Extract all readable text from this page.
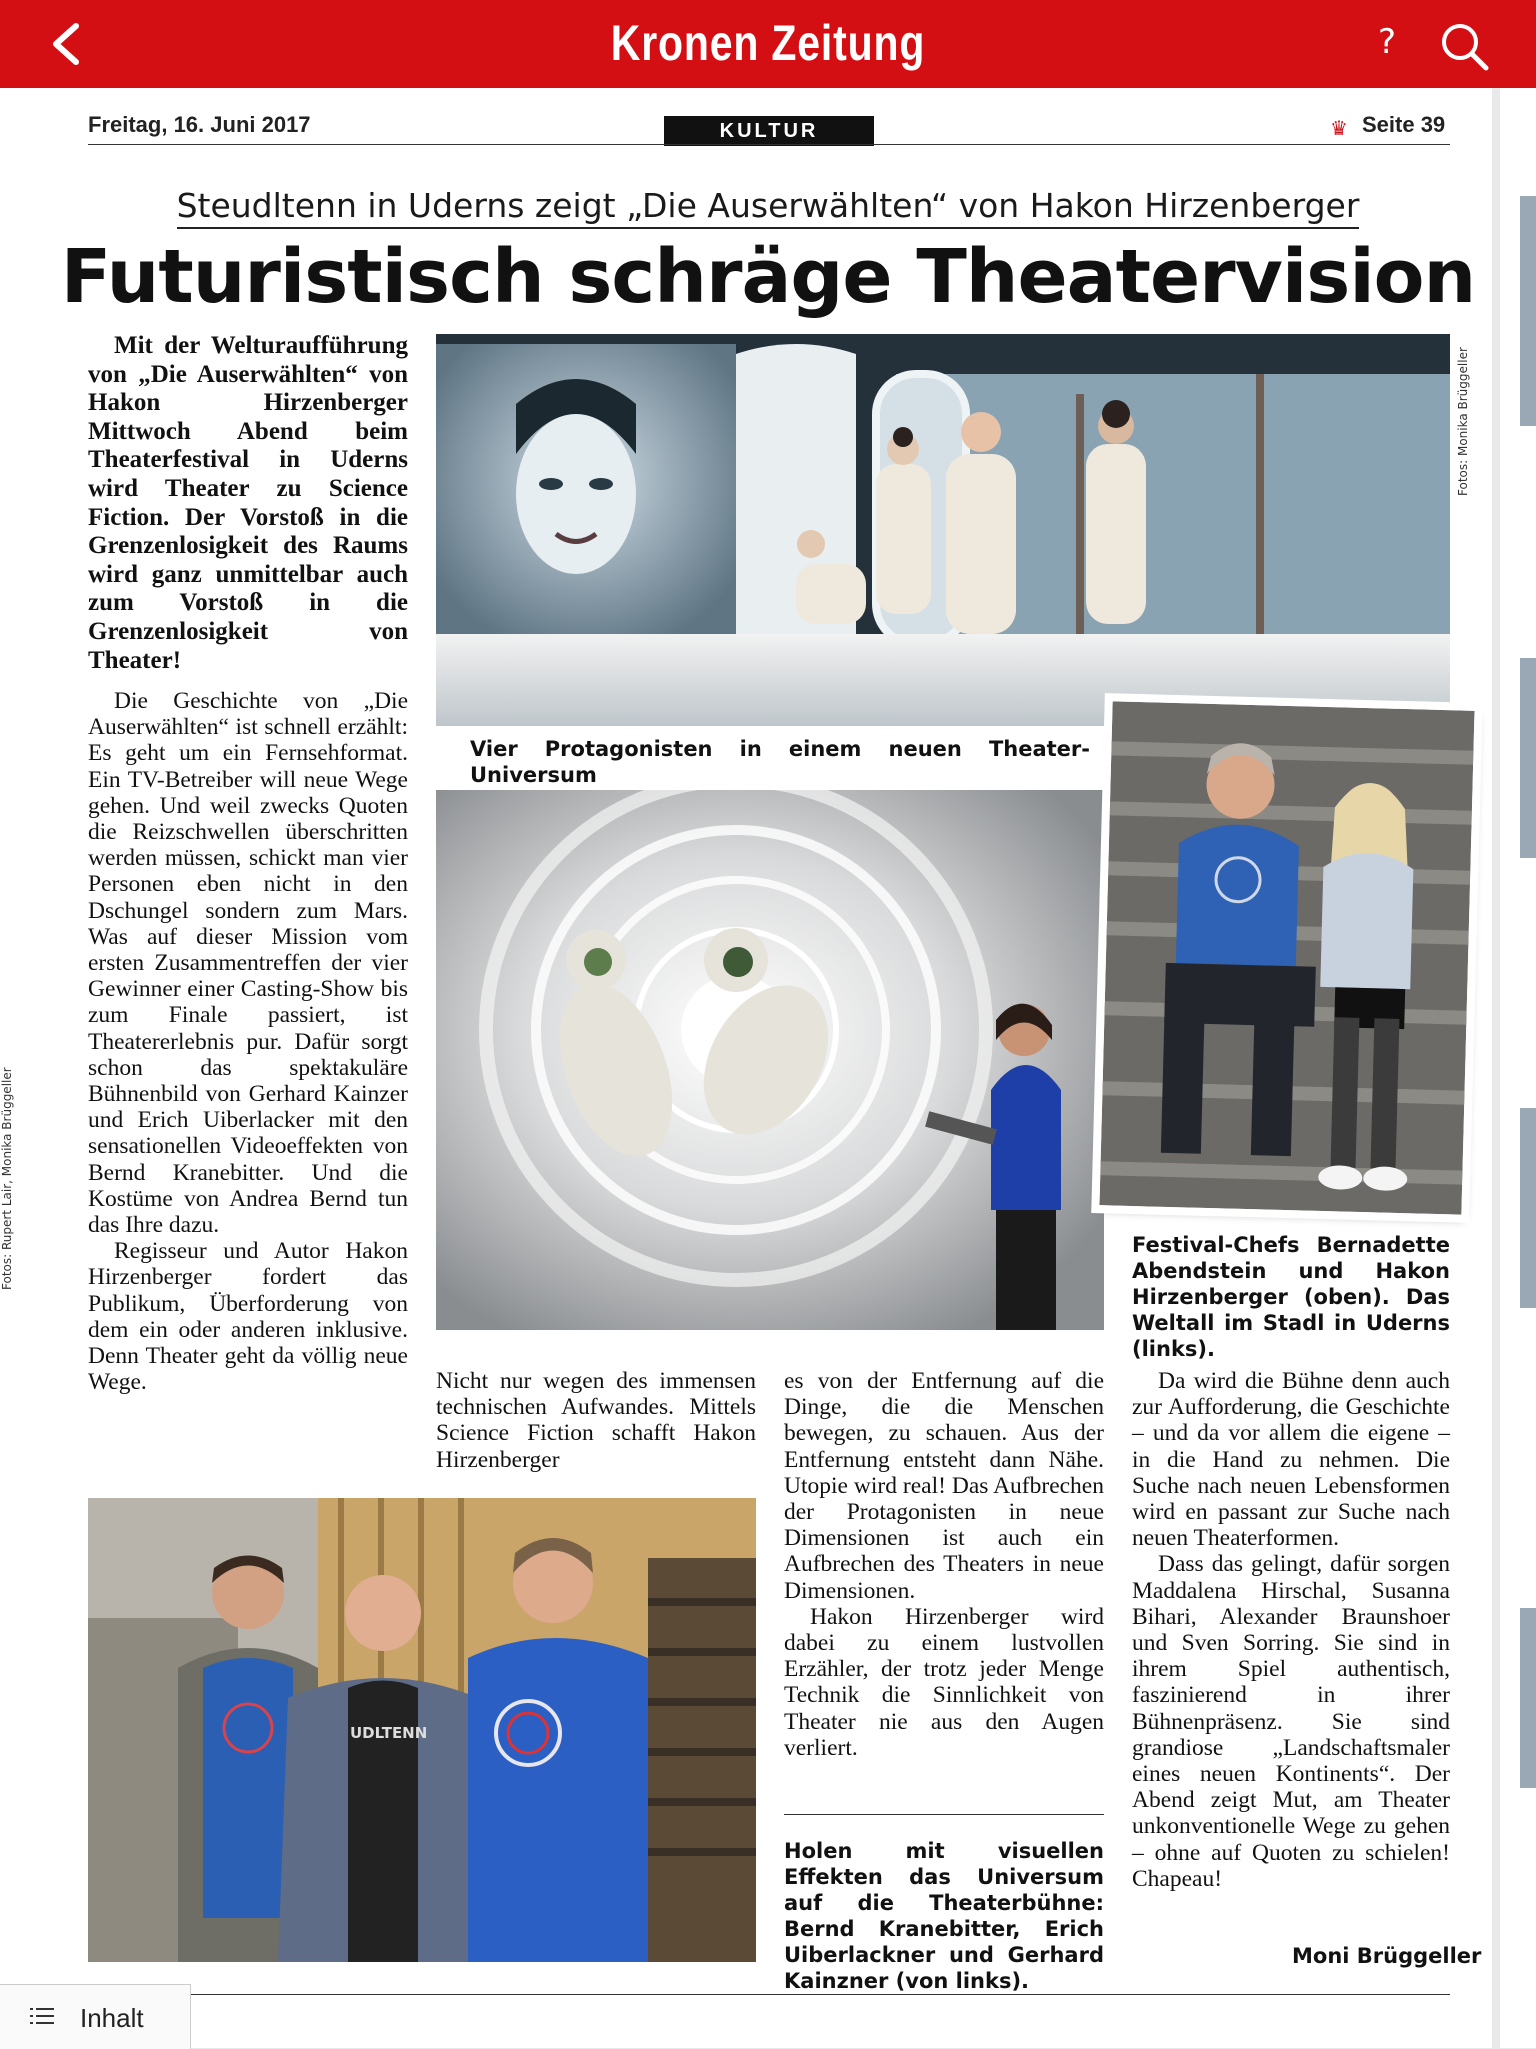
Kronen Zeitung	?
Freitag, 16. Juni 2017	KULTUR	♛ Seite 39
Steudltenn in Uderns zeigt „Die Auserwählten“ von Hakon Hirzenberger
Futuristisch schräge Theatervision

Mit der Welturaufführung von „Die Auserwählten“ von Hakon Hirzenberger Mittwoch Abend beim Theaterfestival in Uderns wird Theater zu Science Fiction. Der Vorstoß in die Grenzenlosigkeit des Raums wird ganz unmittelbar auch zum Vorstoß in die Grenzenlosigkeit von Theater!

Die Geschichte von „Die Auserwählten“ ist schnell erzählt: Es geht um ein Fernsehformat. Ein TV-Betreiber will neue Wege gehen. Und weil zwecks Quoten die Reizschwellen überschritten werden müssen, schickt man vier Personen eben nicht in den Dschungel sondern zum Mars. Was auf dieser Mission vom ersten Zusammentreffen der vier Gewinner einer Casting-Show bis zum Finale passiert, ist Theatererlebnis pur. Dafür sorgt schon das spektakuläre Bühnenbild von Gerhard Kainzer und Erich Uiberlacker mit den sensationellen Videoeffekten von Bernd Kranebitter. Und die Kostüme von Andrea Bernd tun das Ihre dazu.

Regisseur und Autor Hakon Hirzenberger fordert das Publikum, Überforderung von dem ein oder anderen inklusive. Denn Theater geht da völlig neue Wege.

Fotos: Rupert Lair, Monika Brüggeller
Fotos: Monika Brüggeller
Vier Protagonisten in einem neuen Theater-Universum
Festival-Chefs Bernadette Abendstein und Hakon Hirzenberger (oben). Das Weltall im Stadl in Uderns (links).

Nicht nur wegen des immensen technischen Aufwandes. Mittels Science Fiction schafft Hakon Hirzenberger

es von der Entfernung auf die Dinge, die die Menschen bewegen, zu schauen. Aus der Entfernung entsteht dann Nähe. Utopie wird real! Das Aufbrechen der Protagonisten in neue Dimensionen ist auch ein Aufbrechen des Theaters in neue Dimensionen.

Hakon Hirzenberger wird dabei zu einem lustvollen Erzähler, der trotz jeder Menge Technik die Sinnlichkeit von Theater nie aus den Augen verliert.

Holen mit visuellen Effekten das Universum auf die Theaterbühne: Bernd Kranebitter, Erich Uiberlackner und Gerhard Kainzner (von links).

Da wird die Bühne denn auch zur Aufforderung, die Geschichte – und da vor allem die eigene – in die Hand zu nehmen. Die Suche nach neuen Lebensformen wird en passant zur Suche nach neuen Theaterformen.

Dass das gelingt, dafür sorgen Maddalena Hirschal, Susanna Bihari, Alexander Braunshoer und Sven Sorring. Sie sind in ihrem Spiel authentisch, faszinierend in ihrer Bühnenpräsenz. Sie sind grandiose „Landschaftsmaler eines neuen Kontinents“. Der Abend zeigt Mut, am Theater unkonventionelle Wege zu gehen – ohne auf Quoten zu schielen! Chapeau!

Moni Brüggeller
UDLTENN
Inhalt
